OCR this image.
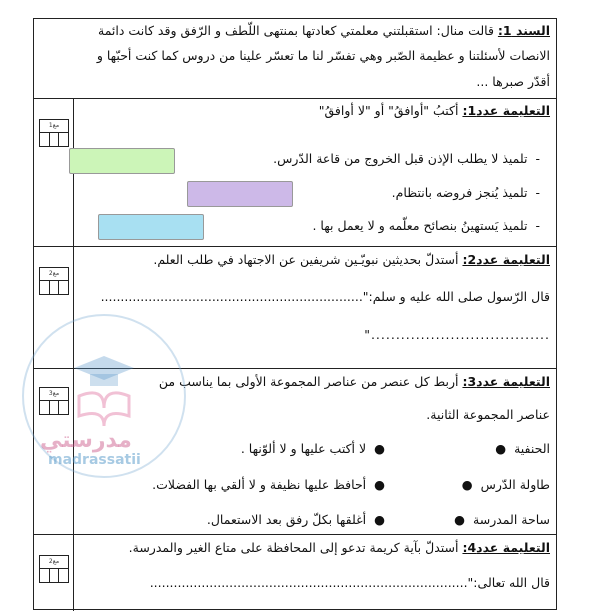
السند 1: قالت منال: استقبلتني معلمتي كعادتها بمنتهى اللّطف و الرّفق وقد كانت دائمة
الانصات لأسئلتنا و عظيمة الصّبر وهي تفسّر لنا ما تعسّر علينا من دروس كما كنت أحبّها و
أقدّر صبرها ...
مع1
التعليمة عدد1: أكتبُ "أوافقُ" أو "لا أوافقُ"
-  تلميذ لا يطلب الإذن قبل الخروج من قاعة الدّرس.
-  تلميذ يُنجز فروضه بانتظام.
-  تلميذ يَستهينُ بنصائح معلّمه و لا يعمل بها .
مع2
التعليمة عدد2: أستدلّ بحديثين نبويّـين شريفين عن الاجتهاد في طلب العلم.
قال الرّسول صلى الله عليه و سلم:"..................................................................
...................................."
مع3
التعليمة عدد3: أربط كل عنصر من عناصر المجموعة الأولى بما يناسب من
عناصر المجموعة الثانية.
الحنفية  ●
طاولة الدّرس  ●
ساحة المدرسة  ●
●  لا أكتب عليها و لا ألوّنها .
●  أحافظ عليها نظيفة و لا ألقي بها الفضلات.
●  أغلقها بكلّ رفق بعد الاستعمال.
مع2
التعليمة عدد4: أستدلّ بآية كريمة تدعو إلى المحافظة على متاع الغير والمدرسة.
قال الله تعالى:"................................................................................
مدرستي
madrassatii
